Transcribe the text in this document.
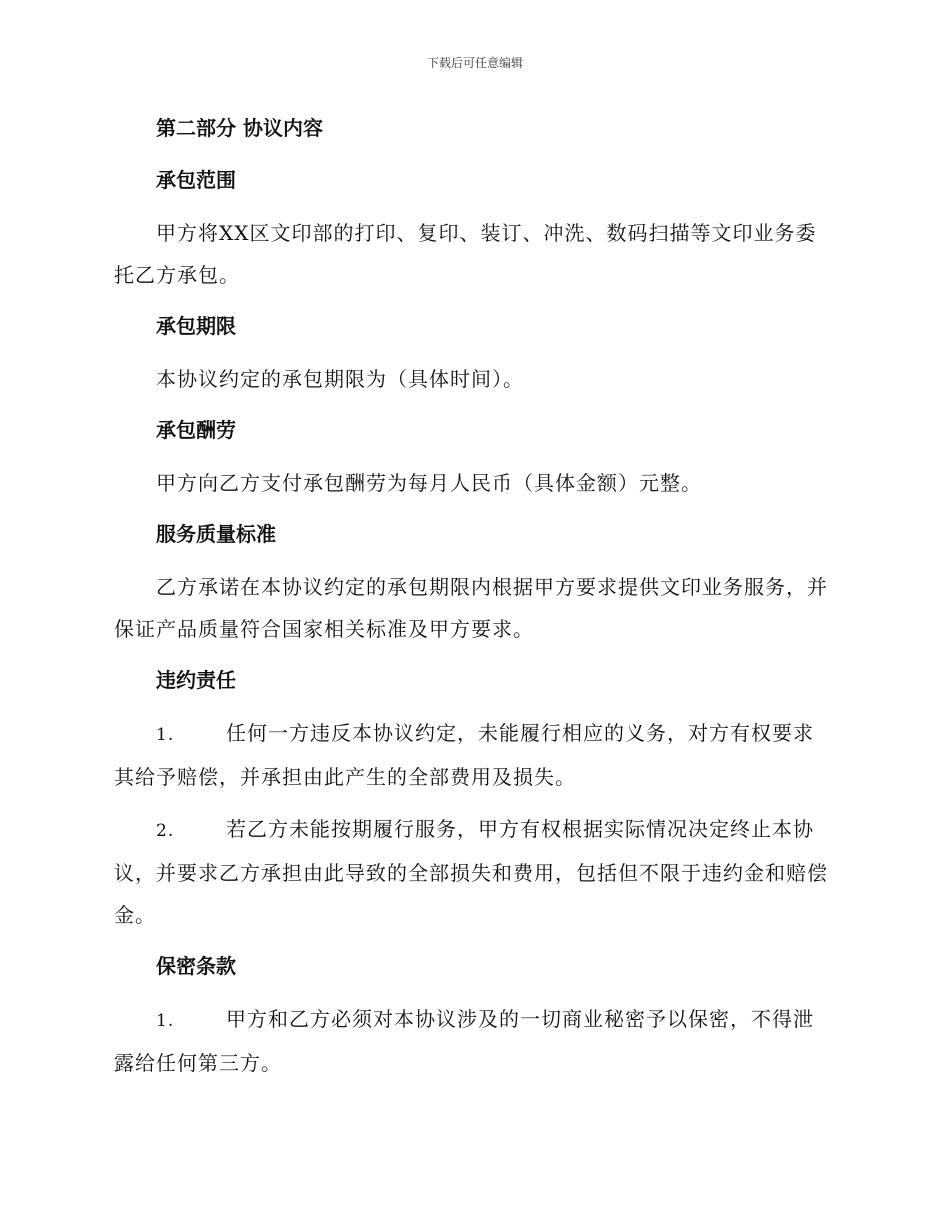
下载后可任意编辑
第二部分 协议内容
承包范围
甲方将XX区文印部的打印、复印、装订、冲洗、数码扫描等文印业务委托乙方承包。
承包期限
本协议约定的承包期限为（具体时间）。
承包酬劳
甲方向乙方支付承包酬劳为每月人民币（具体金额）元整。
服务质量标准
乙方承诺在本协议约定的承包期限内根据甲方要求提供文印业务服务，并保证产品质量符合国家相关标准及甲方要求。
违约责任
1.	任何一方违反本协议约定，未能履行相应的义务，对方有权要求其给予赔偿，并承担由此产生的全部费用及损失。
2.	若乙方未能按期履行服务，甲方有权根据实际情况决定终止本协议，并要求乙方承担由此导致的全部损失和费用，包括但不限于违约金和赔偿金。
保密条款
1.	甲方和乙方必须对本协议涉及的一切商业秘密予以保密，不得泄露给任何第三方。
